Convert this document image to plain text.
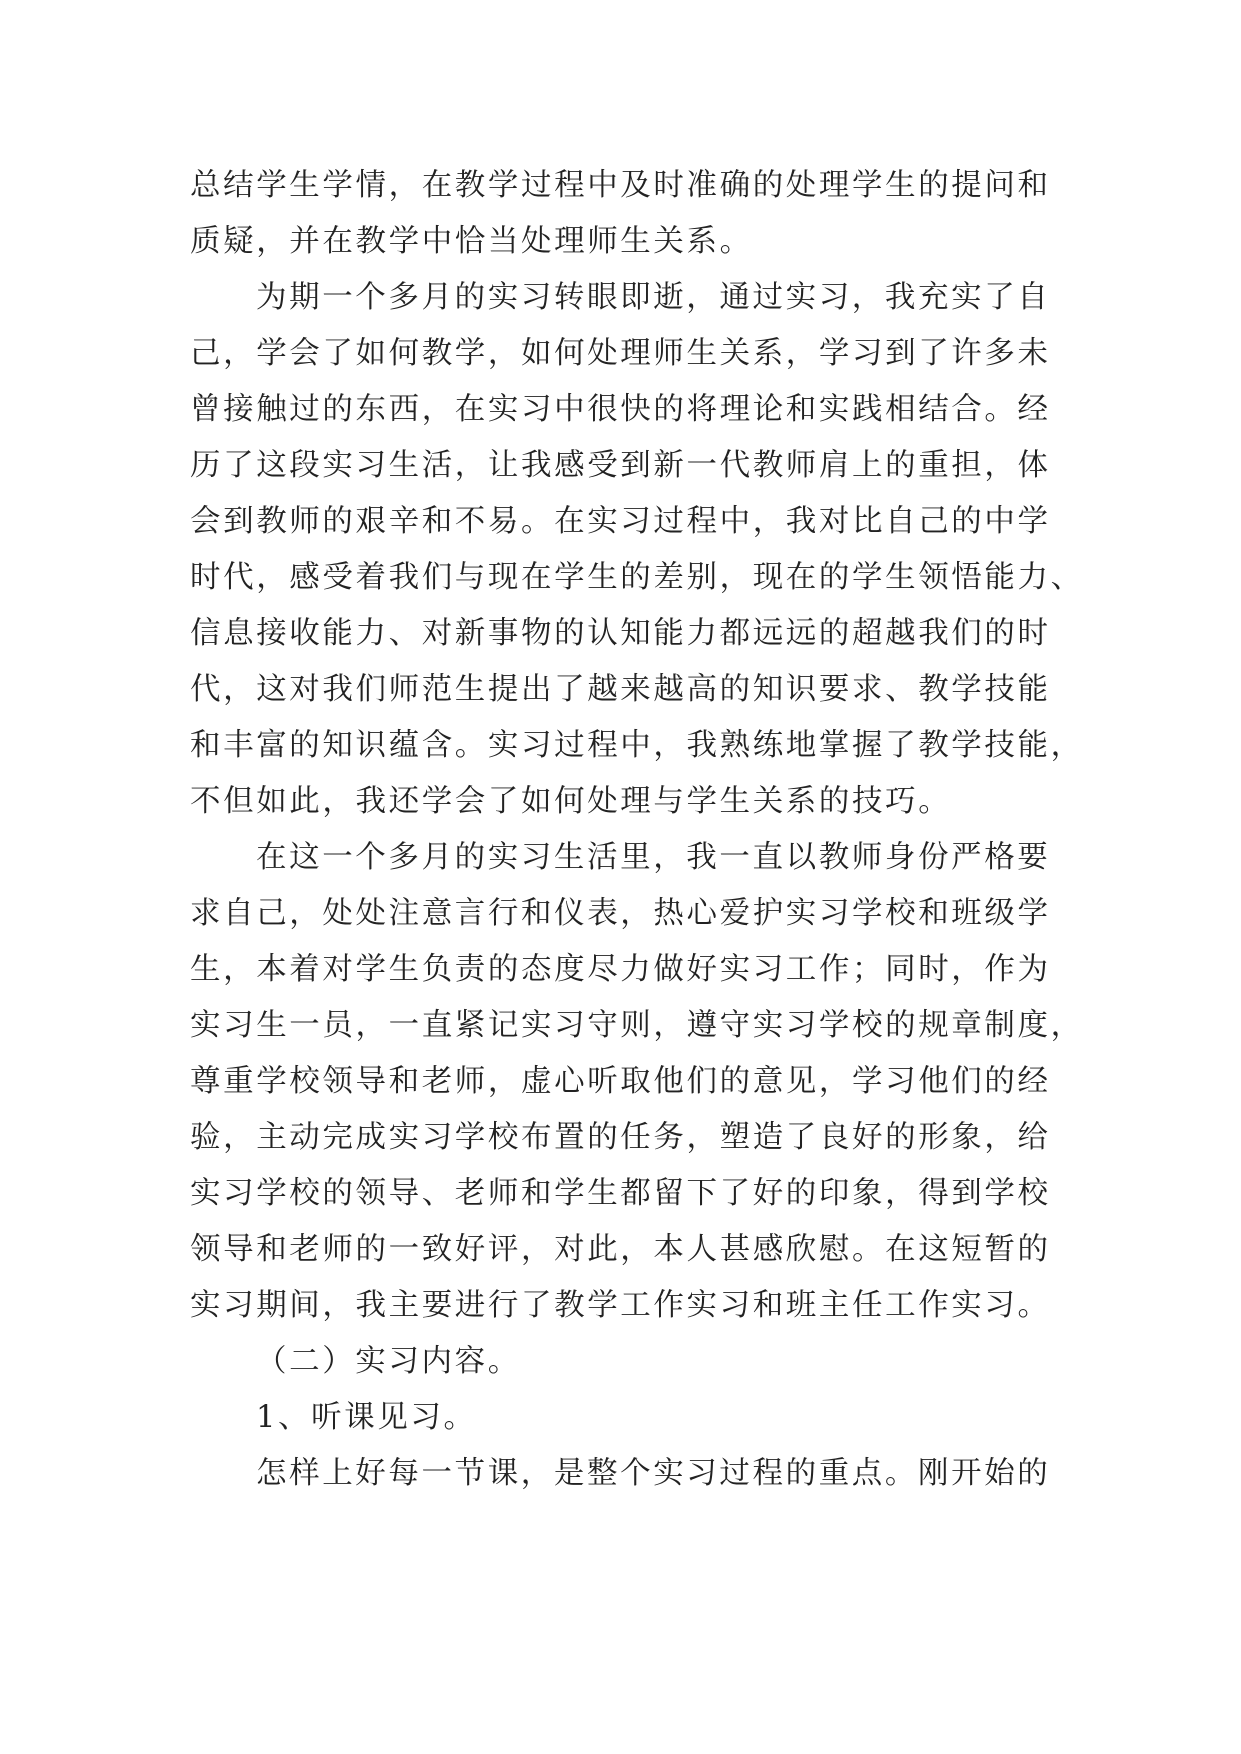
总结学生学情，在教学过程中及时准确的处理学生的提问和
质疑，并在教学中恰当处理师生关系。
为期一个多月的实习转眼即逝，通过实习，我充实了自
己，学会了如何教学，如何处理师生关系，学习到了许多未
曾接触过的东西，在实习中很快的将理论和实践相结合。经
历了这段实习生活，让我感受到新一代教师肩上的重担，体
会到教师的艰辛和不易。在实习过程中，我对比自己的中学
时代，感受着我们与现在学生的差别，现在的学生领悟能力、
信息接收能力、对新事物的认知能力都远远的超越我们的时
代，这对我们师范生提出了越来越高的知识要求、教学技能
和丰富的知识蕴含。实习过程中，我熟练地掌握了教学技能，
不但如此，我还学会了如何处理与学生关系的技巧。
在这一个多月的实习生活里，我一直以教师身份严格要
求自己，处处注意言行和仪表，热心爱护实习学校和班级学
生，本着对学生负责的态度尽力做好实习工作；同时，作为
实习生一员，一直紧记实习守则，遵守实习学校的规章制度，
尊重学校领导和老师，虚心听取他们的意见，学习他们的经
验，主动完成实习学校布置的任务，塑造了良好的形象，给
实习学校的领导、老师和学生都留下了好的印象，得到学校
领导和老师的一致好评，对此，本人甚感欣慰。在这短暂的
实习期间，我主要进行了教学工作实习和班主任工作实习。
（二）实习内容。
1、听课见习。
怎样上好每一节课，是整个实习过程的重点。刚开始的
